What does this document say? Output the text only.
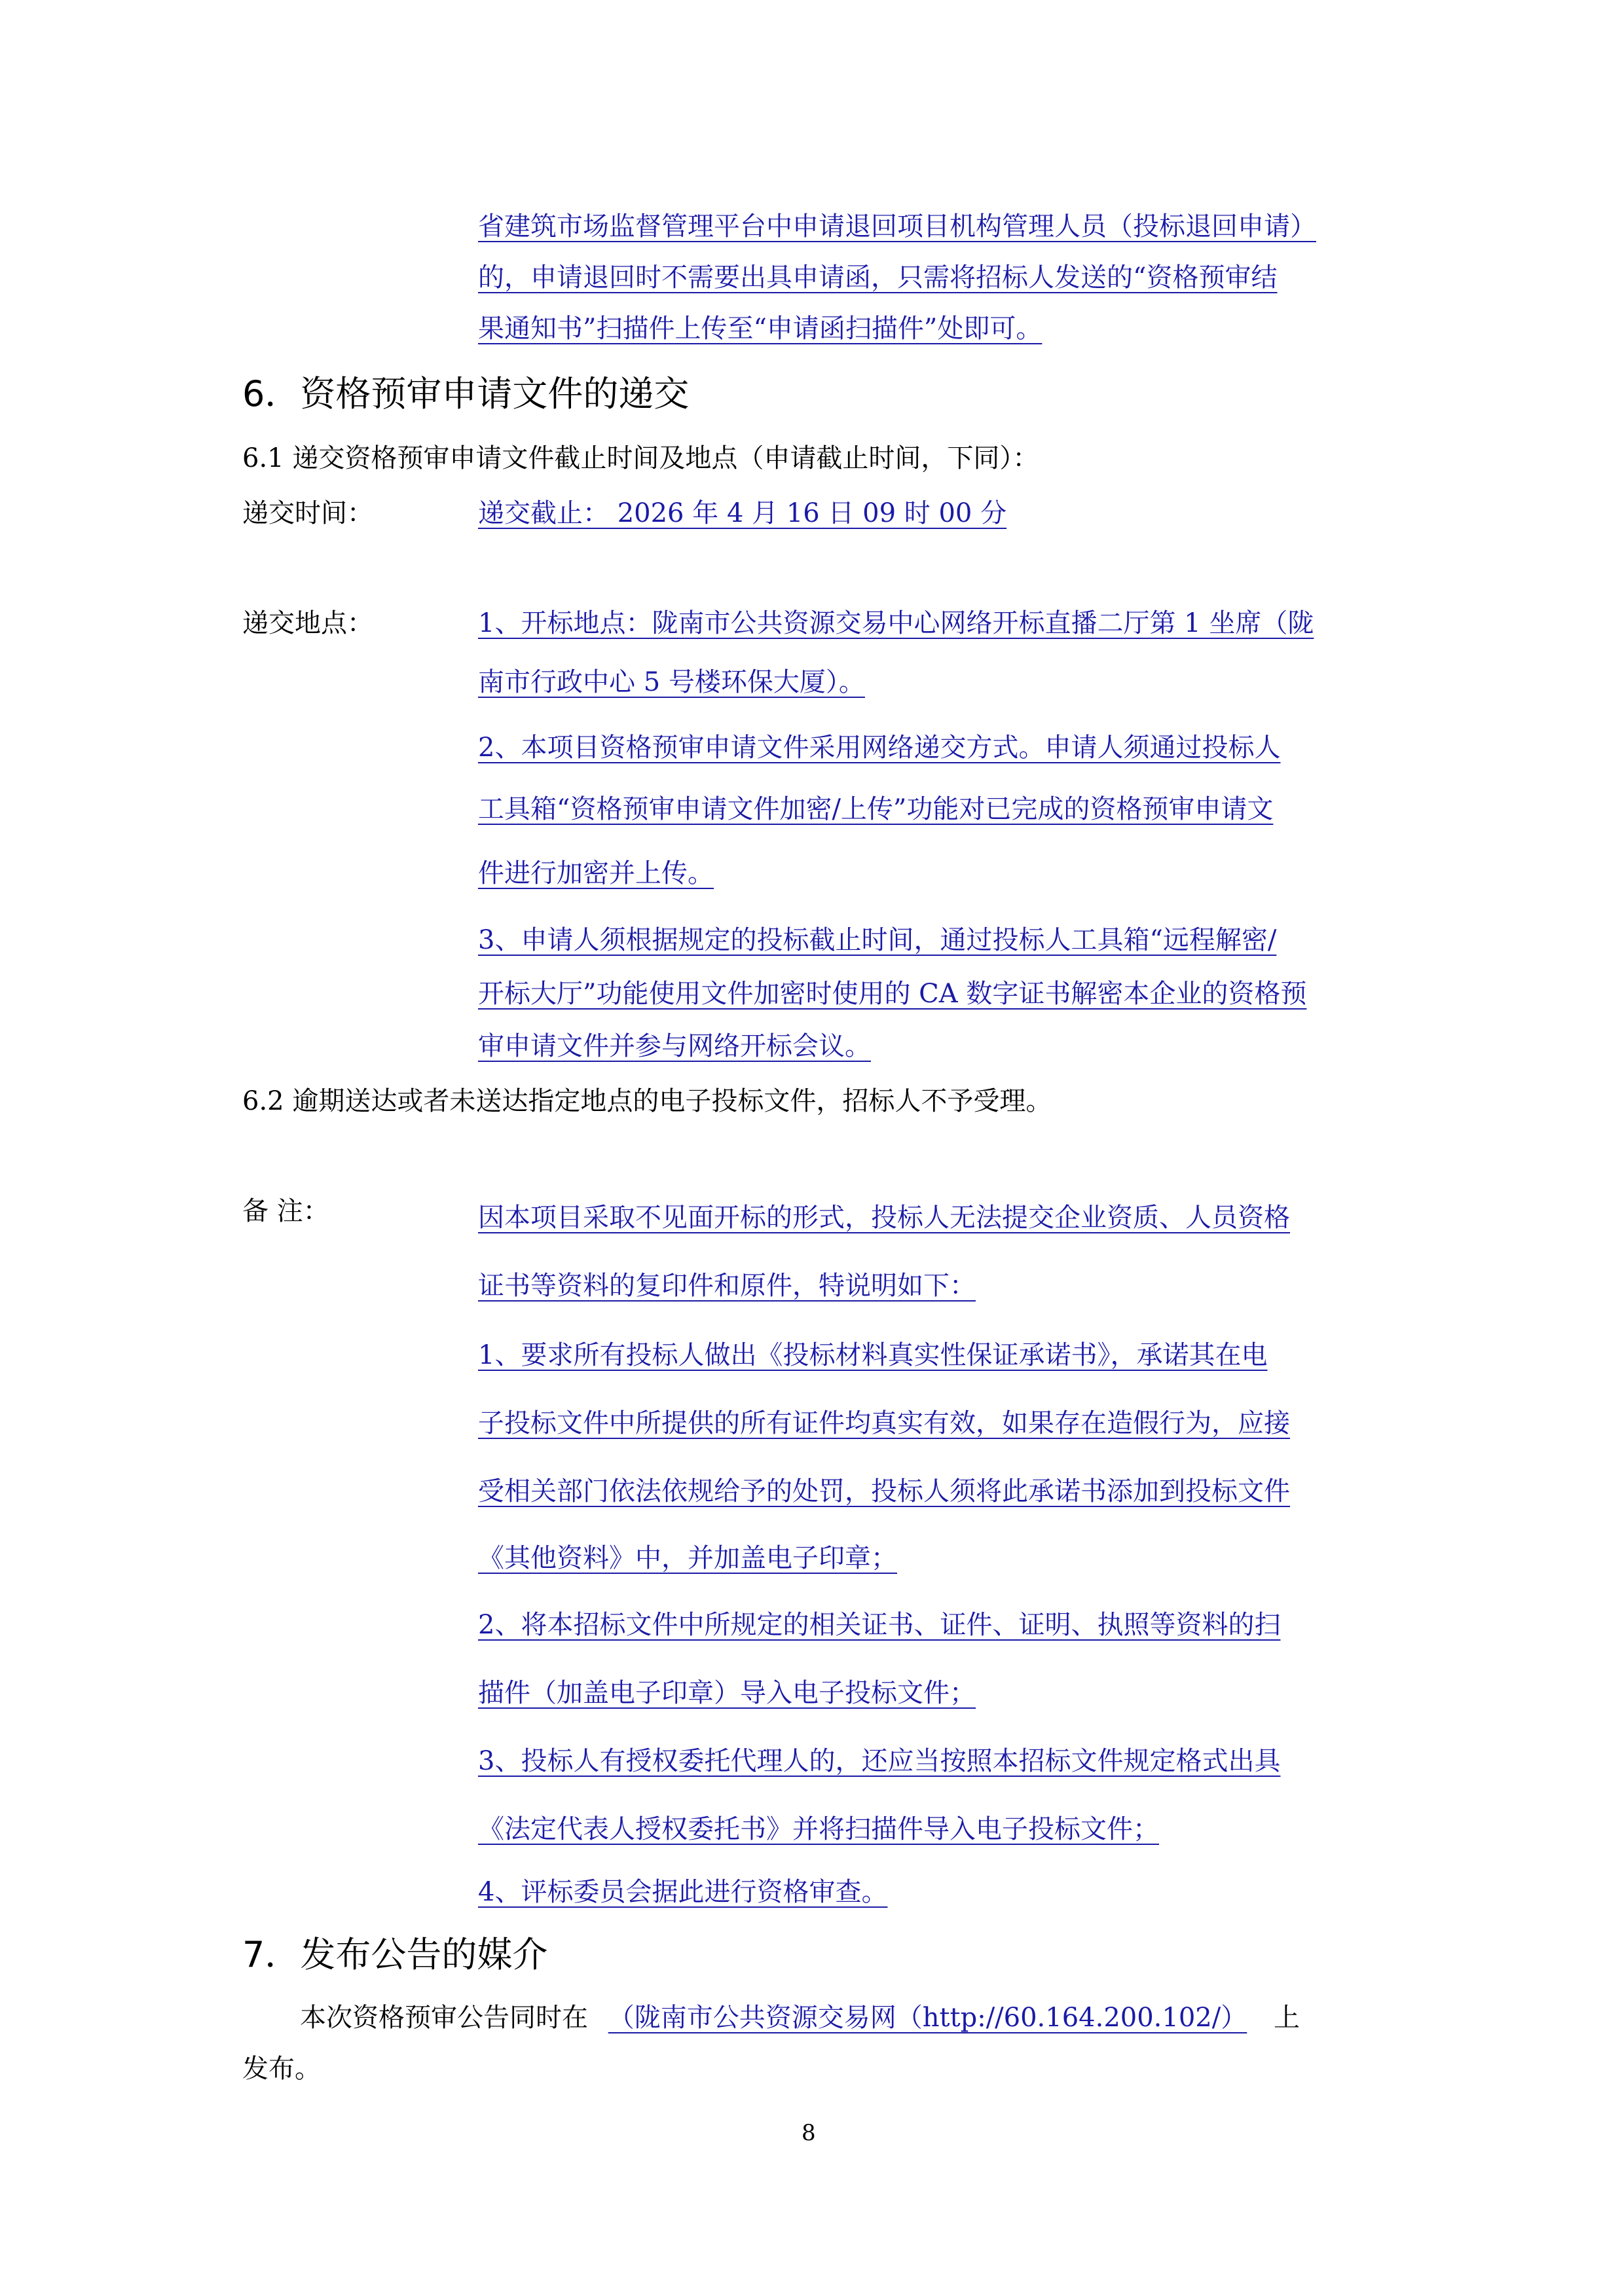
省建筑市场监督管理平台中申请退回项目机构管理人员（投标退回申请）
的，申请退回时不需要出具申请函，只需将招标人发送的“资格预审结
果通知书”扫描件上传至“申请函扫描件”处即可。
6．资格预审申请文件的递交
6.1 递交资格预审申请文件截止时间及地点（申请截止时间，下同）：
递交时间：	递交截止： 2026 年 4 月 16 日 09 时 00 分
递交地点：	1、开标地点：陇南市公共资源交易中心网络开标直播二厅第 1 坐席（陇
南市行政中心 5 号楼环保大厦）。
2、本项目资格预审申请文件采用网络递交方式。申请人须通过投标人
工具箱“资格预审申请文件加密/上传”功能对已完成的资格预审申请文
件进行加密并上传。
3、申请人须根据规定的投标截止时间，通过投标人工具箱“远程解密/
开标大厅”功能使用文件加密时使用的 CA 数字证书解密本企业的资格预
审申请文件并参与网络开标会议。
6.2 逾期送达或者未送达指定地点的电子投标文件，招标人不予受理。
备 注：	因本项目采取不见面开标的形式，投标人无法提交企业资质、人员资格
证书等资料的复印件和原件，特说明如下：
1、要求所有投标人做出《投标材料真实性保证承诺书》，承诺其在电
子投标文件中所提供的所有证件均真实有效，如果存在造假行为，应接
受相关部门依法依规给予的处罚，投标人须将此承诺书添加到投标文件
《其他资料》中，并加盖电子印章；
2、将本招标文件中所规定的相关证书、证件、证明、执照等资料的扫
描件（加盖电子印章）导入电子投标文件；
3、投标人有授权委托代理人的，还应当按照本招标文件规定格式出具
《法定代表人授权委托书》并将扫描件导入电子投标文件；
4、评标委员会据此进行资格审查。
7．发布公告的媒介
本次资格预审公告同时在 （陇南市公共资源交易网（http://60.164.200.102/） 上
发布。
8
